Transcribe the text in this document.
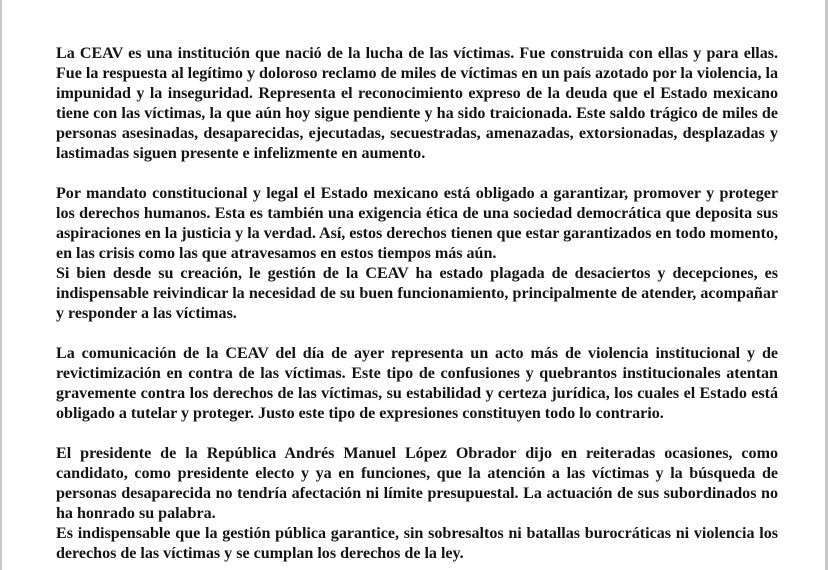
La CEAV es una institución que nació de la lucha de las víctimas. Fue construida con ellas y para ellas. Fue la respuesta al legítimo y doloroso reclamo de miles de víctimas en un país azotado por la violencia, la impunidad y la inseguridad. Representa el reconocimiento expreso de la deuda que el Estado mexicano tiene con las víctimas, la que aún hoy sigue pendiente y ha sido traicionada. Este saldo trágico de miles de personas asesinadas, desaparecidas, ejecutadas, secuestradas, amenazadas, extorsionadas, desplazadas y lastimadas siguen presente e infelizmente en aumento.

Por mandato constitucional y legal el Estado mexicano está obligado a garantizar, promover y proteger los derechos humanos. Esta es también una exigencia ética de una sociedad democrática que deposita sus aspiraciones en la justicia y la verdad. Así, estos derechos tienen que estar garantizados en todo momento, en las crisis como las que atravesamos en estos tiempos más aún.

Si bien desde su creación, le gestión de la CEAV ha estado plagada de desaciertos y decepciones, es indispensable reivindicar la necesidad de su buen funcionamiento, principalmente de atender, acompañar y responder a las víctimas.

La comunicación de la CEAV del día de ayer representa un acto más de violencia institucional y de revictimización en contra de las víctimas. Este tipo de confusiones y quebrantos institucionales atentan gravemente contra los derechos de las víctimas, su estabilidad y certeza jurídica, los cuales el Estado está obligado a tutelar y proteger. Justo este tipo de expresiones constituyen todo lo contrario.

El presidente de la República Andrés Manuel López Obrador dijo en reiteradas ocasiones, como candidato, como presidente electo y ya en funciones, que la atención a las víctimas y la búsqueda de personas desaparecida no tendría afectación ni límite presupuestal. La actuación de sus subordinados no ha honrado su palabra.

Es indispensable que la gestión pública garantice, sin sobresaltos ni batallas burocráticas ni violencia los derechos de las víctimas y se cumplan los derechos de la ley.
